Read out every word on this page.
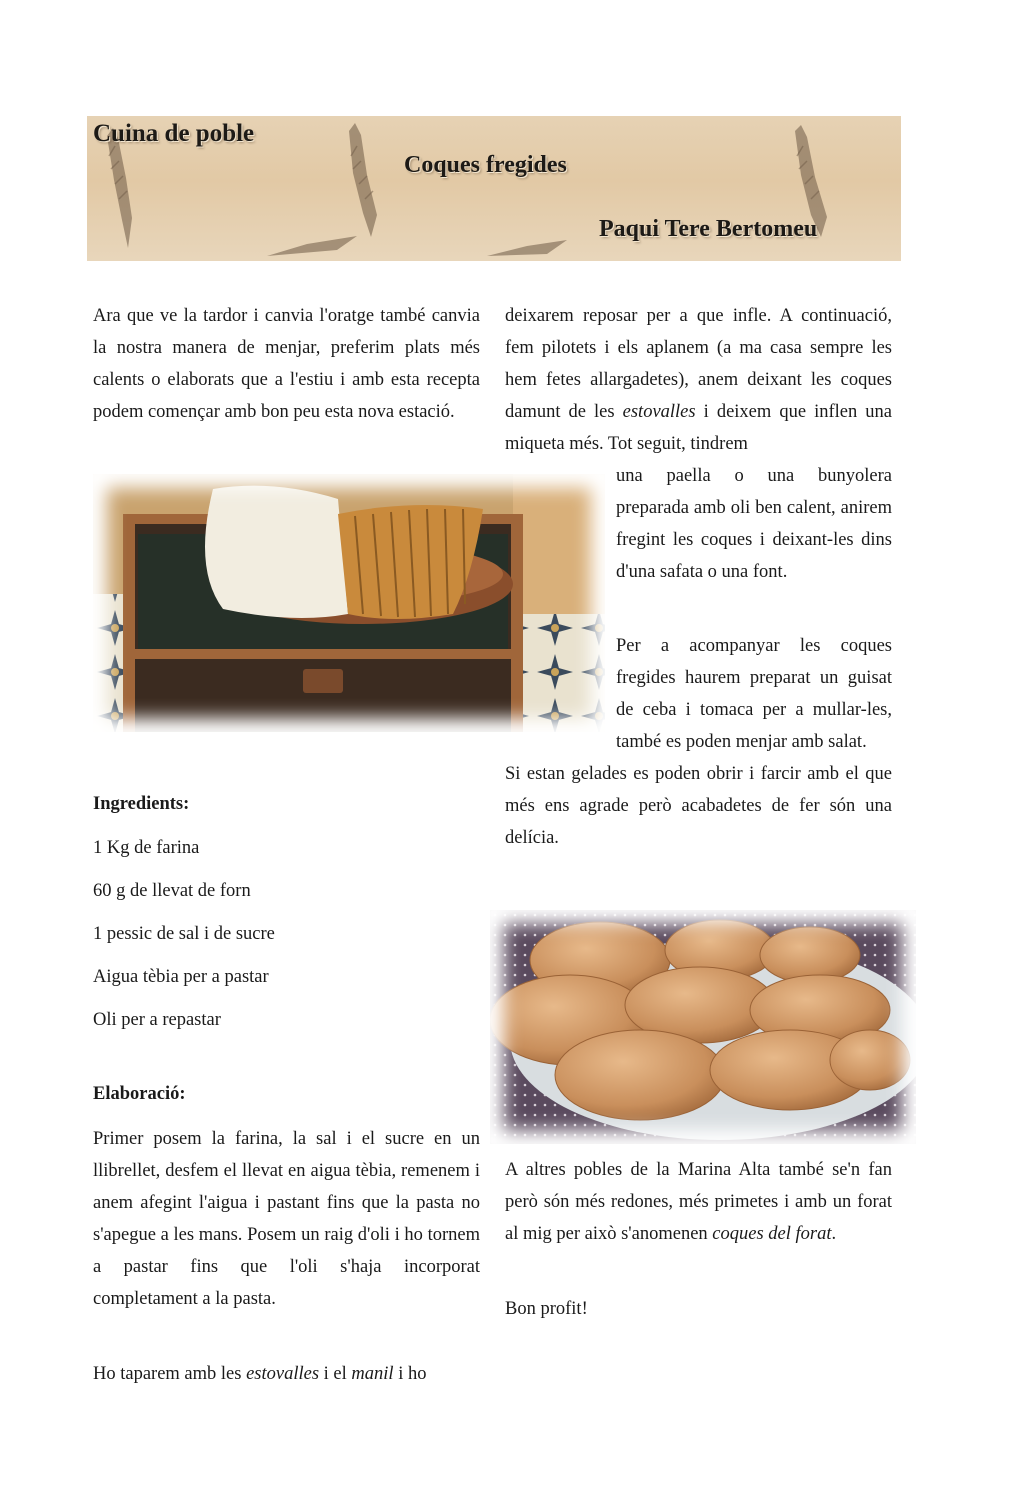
Cuina de poble
Coques fregides
Paqui Tere Bertomeu

Ara que ve la tardor i canvia l'oratge també canvia la nostra manera de menjar, preferim plats més calents o elaborats que a l'estiu i amb esta recepta podem començar amb bon peu esta nova estació.

Ingredients:

1 Kg de farina

60 g de llevat de forn

1 pessic de sal i de sucre

Aigua tèbia per a pastar

Oli per a repastar

Elaboració:

Primer posem la farina, la sal i el sucre en un llibrellet, desfem el llevat en aigua tèbia, remenem i anem afegint l'aigua i pastant fins que la pasta no s'apegue a les mans. Posem un raig d'oli i ho tornem a pastar fins que l'oli s'haja incorporat completament a la pasta.

Ho taparem amb les estovalles i el manil i ho

deixarem reposar per a que infle. A continuació, fem pilotets i els aplanem (a ma casa sempre les hem fetes allargadetes), anem deixant les coques damunt de les estovalles i deixem que inflen una miqueta més. Tot seguit, tindrem

una paella o una bunyolera preparada amb oli ben calent, anirem fregint les coques i deixant-les dins d'una safata o una font.

Per a acompanyar les coques fregides haurem preparat un guisat de ceba i tomaca per a mullar-les, també es poden menjar amb salat.

Si estan gelades es poden obrir i farcir amb el que més ens agrade però acabadetes de fer són una delícia.

A altres pobles de la Marina Alta també se'n fan però són més redones, més primetes i amb un forat al mig per això s'anomenen coques del forat.

Bon profit!
